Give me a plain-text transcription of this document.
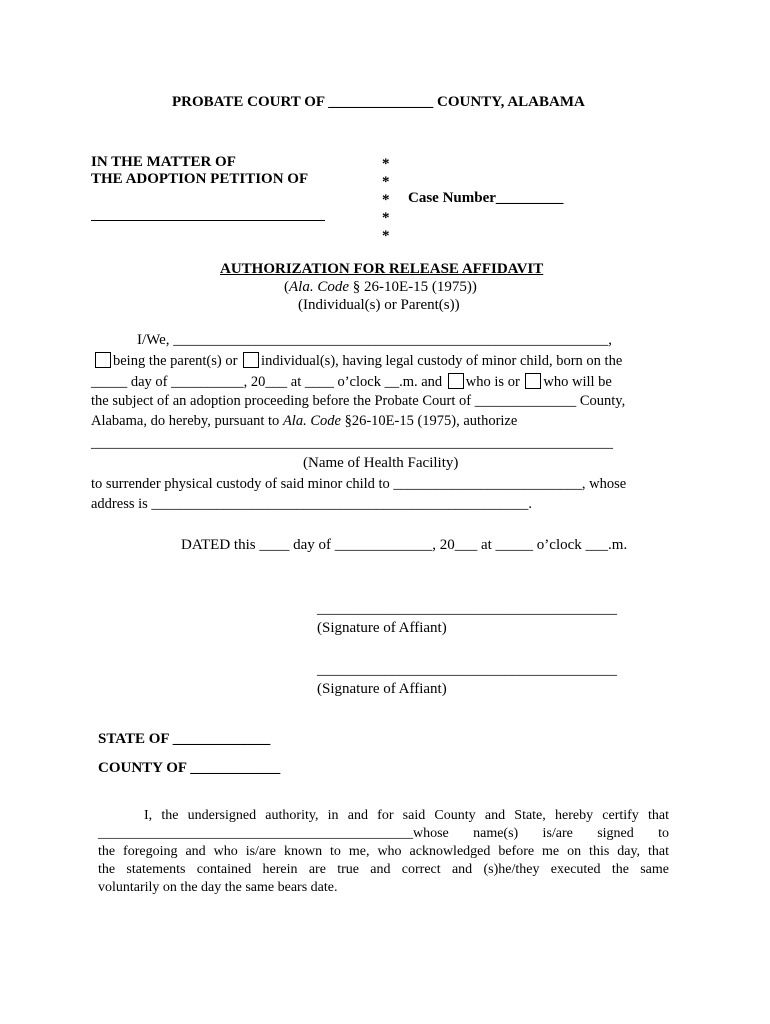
PROBATE COURT OF ______________ COUNTY, ALABAMA
IN THE MATTER OF
THE ADOPTION PETITION OF
*
*
*
*
*
Case Number_________
AUTHORIZATION FOR RELEASE AFFIDAVIT
(Ala. Code § 26-10E-15 (1975))
(Individual(s) or Parent(s))
I/We, __________________________________________________________,
being the parent(s) or individual(s), having legal custody of minor child, born on the
_____ day of __________, 20___ at ____ o’clock __.m. and who is or who will be
the subject of an adoption proceeding before the Probate Court of ______________ County,
Alabama, do hereby, pursuant to Ala. Code §26-10E-15 (1975), authorize
________________________________________________________________________
(Name of Health Facility)
to surrender physical custody of said minor child to __________________________, whose
address is ____________________________________________________.
DATED this ____ day of _____________, 20___ at _____ o’clock ___.m.
________________________________________
(Signature of Affiant)
________________________________________
(Signature of Affiant)
STATE OF _____________
COUNTY OF ____________
I, the undersigned authority, in and for said County and State, hereby certify that
_____________________________________________whose name(s) is/are signed to
the foregoing and who is/are known to me, who acknowledged before me on this day, that
the statements contained herein are true and correct and (s)he/they executed the same
voluntarily on the day the same bears date.
